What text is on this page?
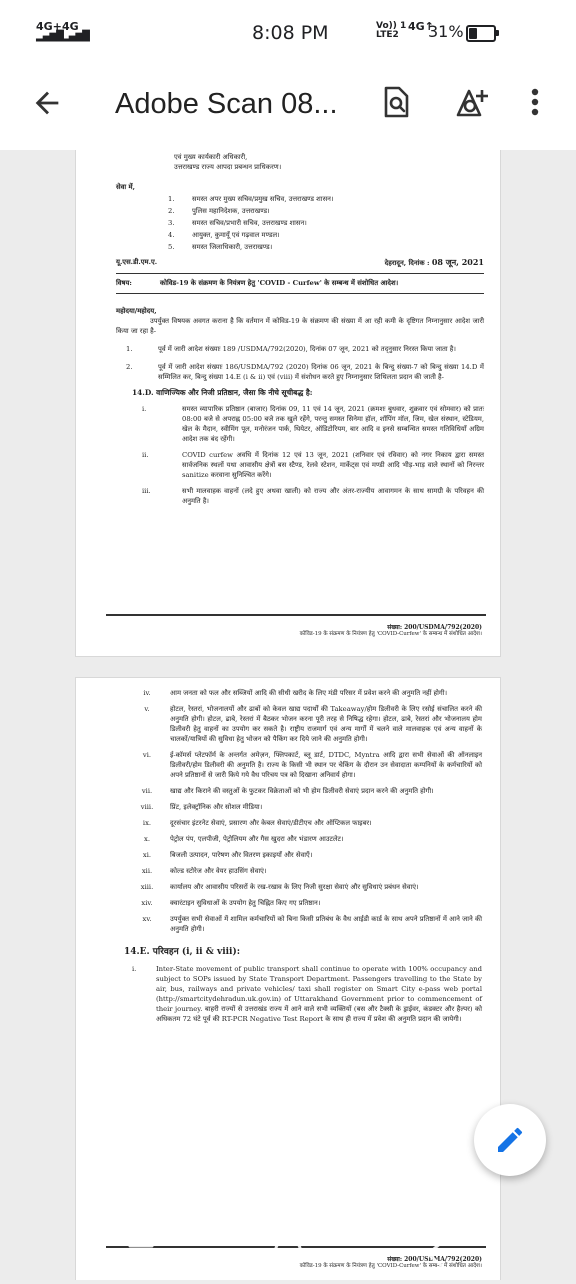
4G+
▂▄▆█
4G
▂▄▆█	8:08 PM	Vo)) 1
LTE2
4G↑
31%
Adobe Scan 08...
एवं मुख्य कार्यकारी अधिकारी,
उत्तराखण्ड राज्य आपदा प्रबन्धन प्राधिकरण।
सेवा में,
1.	समस्त अपर मुख्य सचिव/प्रमुख सचिव, उत्तराखण्ड शासन।
2.	पुलिस महानिदेशक, उत्तराखण्ड।
3.	समस्त सचिव/प्रभारी सचिव, उत्तराखण्ड शासन।
4.	आयुक्त, कुमायूँ एवं गढ़वाल मण्डल।
5.	समस्त जिलाधिकारी, उत्तराखण्ड।
यू.एस.डी.एम.ए.	देहरादून, दिनांक : 08 जून, 2021
विषय:	कोविड-19 के संक्रमण के नियंत्रण हेतु 'COVID - Curfew' के सम्बन्ध में संशोधित आदेश।
महोदया/महोदय,
उपर्युक्त विषयक अवगत कराना है कि वर्तमान में कोविड-19 के संक्रमण की संख्या में आ रही कमी के दृष्टिगत निम्नानुसार आदेश जारी किया जा रहा है-
1.	पूर्व में जारी आदेश संख्याः 189 /USDMA/792(2020), दिनांक 07 जून, 2021 को तद्नुसार निरस्त किया जाता है।
2.	पूर्व में जारी आदेश संख्याः 186/USDMA/792 (2020) दिनांक 06 जून, 2021 के बिन्दु संख्या-7 को बिन्दु संख्या 14.D में सम्मिलित कर, बिन्दु संख्या 14.E (i & ii) एवं (viii) में संशोधन करते हुए निम्नानुसार शिथिलता प्रदान की जाती है-
14.D. वाणिज्यिक और निजी प्रतिष्ठान, जैसा कि नीचे सूचीबद्ध है:
i.	समस्त व्यापारिक प्रतिष्ठान (बाजार) दिनांक 09, 11 एवं 14 जून, 2021 (क्रमशः बुधवार, शुक्रवार एवं सोमवार) को प्रातः 08:00 बजे से अपराह्न 05:00 बजे तक खुले रहेंगे, परन्तु समस्त सिनेमा हॉल, शॉपिंग मॉल, जिम, खेल संस्थान, स्टेडियम, खेल के मैदान, स्वीमिंग पूल, मनोरंजन पार्क, थियेटर, ऑडिटोरियम, बार आदि व इनसे सम्बन्धित समस्त गतिविधियाँ अग्रिम आदेश तक बंद रहेंगी।
ii.	COVID curfew अवधि में दिनांक 12 एवं 13 जून, 2021 (शनिवार एवं रविवार) को नगर निकाय द्वारा समस्त सार्वजनिक स्थलों यथा आवासीय क्षेत्रों बस स्टैण्ड, रेलवे स्टेशन, मार्केट्स एवं मण्डी आदि भीड़-भाड़ वाले स्थानों को निरन्तर sanitize करवाना सुनिश्चित करेंगे।
iii.	सभी मालवाहक वाहनों (लदे हुए अथवा खाली) को राज्य और अंतर-राज्यीय आवागमन के साथ सामग्री के परिवहन की अनुमति है।
संख्या: 200/USDMA/792(2020)
कोविड-19 के संक्रमण के नियंत्रण हेतु 'COVID-Curfew' के सम्बन्ध में संशोधित आदेश।
iv.	आम जनता को फल और सब्जियों आदि की सीधी खरीद के लिए मंडी परिसर में प्रवेश करने की अनुमति नहीं होगी।
v.	होटल, रेस्तरां, भोजनालयों और ढाबों को केवल खाद्य पदार्थों की Takeaway/होम डिलीवरी के लिए रसोई संचालित करने की अनुमति होगी। होटल, ढाबे, रेस्तरां में बैठकर भोजन करना पूरी तरह से निषिद्ध रहेगा। होटल, ढाबे, रेस्तरां और भोजनालय होम डिलीवरी हेतु वाहनों का उपयोग कर सकते है। राष्ट्रीय राजमार्ग एवं अन्य मार्गों में चलने वाले मालवाहक एवं अन्य वाहनों के चालकों/यात्रियों की सुविधा हेतु भोजन को पैकिंग कर दिये जाने की अनुमति होगी।
vi.	ई-कॉमर्स प्लेटफॉर्म के अन्तर्गत अमेज़न, फ्लिपकार्ट, ब्लू डार्ट, DTDC, Myntra आदि द्वारा सभी सेवाओं की ऑनलाइन डिलीवरी/होम डिलीवरी की अनुमति है। राज्य के किसी भी स्थान पर चेकिंग के दौरान उन सेवादाता कम्पनियों के कर्मचारियों को अपने प्रतिष्ठानों से जारी किये गये वैध परिचय पत्र को दिखाना अनिवार्य होगा।
vii.	खाद्य और किराने की वस्तुओं के फुटकर विक्रेताओं को भी होम डिलीवरी सेवाएं प्रदान करने की अनुमति होगी।
viii.	प्रिंट, इलेक्ट्रॉनिक और सोशल मीडिया।
ix.	दूरसंचार इंटरनेट सेवाएं, प्रसारण और केबल सेवाएं/डीटीएच और ऑप्टिकल फाइबर।
x.	पेट्रोल पंप, एलपीजी, पेट्रोलियम और गैस खुदरा और भंडारण आउटलेट।
xi.	बिजली उत्पादन, पारेषण और वितरण इकाइयाँ और सेवाएँ।
xii.	कोल्ड स्टोरेज और वेयर हाउसिंग सेवाएं।
xiii.	कार्यालय और आवासीय परिसरों के रख-रखाव के लिए निजी सुरक्षा सेवाएं और सुविधाएं प्रबंधन सेवाएं।
xiv.	क्वारंटाइन सुविधाओं के उपयोग हेतु चिह्नित किए गए प्रतिष्ठान।
xv.	उपर्युक्त सभी सेवाओं में शामिल कर्मचारियों को बिना किसी प्रतिबंध के वैध आईडी कार्ड के साथ अपने प्रतिष्ठानों में आने जाने की अनुमति होगी।
14.E. परिवहन (i, ii & viii):
i.	Inter-State movement of public transport shall continue to operate with 100% occupancy and subject to SOPs issued by State Transport Department. Passengers travelling to the State by air, bus, railways and private vehicles/ taxi shall register on Smart City e-pass web portal (http://smartcitydehradun.uk.gov.in) of Uttarakhand Government prior to commencement of their journey. बाहरी राज्यों से उत्तराखंड राज्य में आने वाले सभी व्यक्तियों (बस और टैक्सी के ड्राईवर, कंडक्टर और हैल्पर) को अधिकतम 72 घंटे पूर्व की RT-PCR Negative Test Report के साथ ही राज्य में प्रवेश की अनुमति प्रदान की जायेगी।
संख्या: 200/USDMA/792(2020)
कोविड-19 के संक्रमण के नियंत्रण हेतु 'COVID-Curfew' के सम्बन्ध में संशोधित आदेश।
